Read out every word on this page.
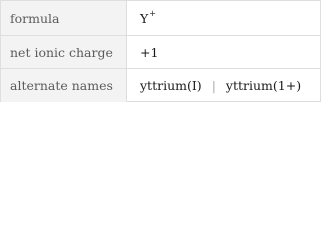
formula	Y +
net ionic charge	+1
alternate names	yttrium(I) | yttrium(1+)
